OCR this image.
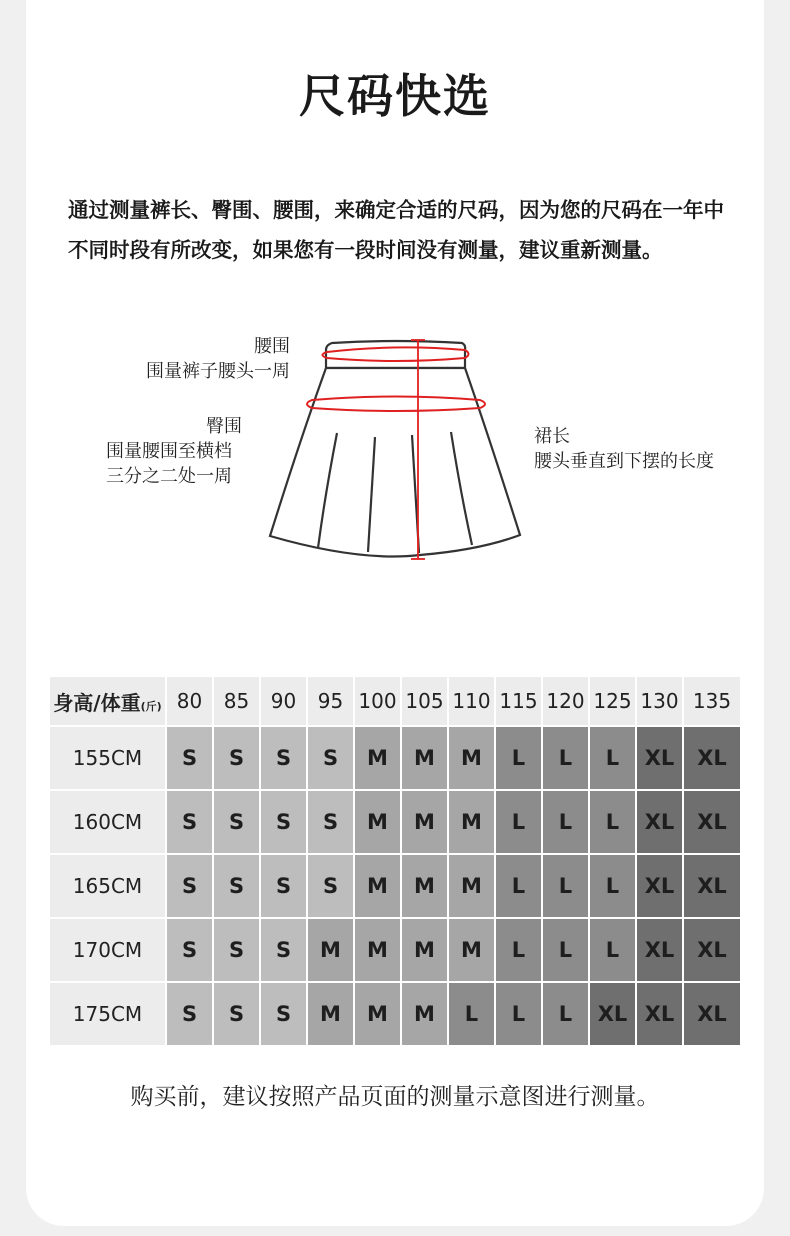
尺码快选

通过测量裤长、臀围、腰围，来确定合适的尺码，因为您的尺码在一年中不同时段有所改变，如果您有一段时间没有测量，建议重新测量。

腰围
围量裤子腰头一周
臀围
围量腰围至横档
三分之二处一周
裙长
腰头垂直到下摆的长度
身高/体重(斤)	80	85	90	95	100	105	110	115	120	125	130	135
155CM	S	S	S	S	M	M	M	L	L	L	XL	XL
160CM	S	S	S	S	M	M	M	L	L	L	XL	XL
165CM	S	S	S	S	M	M	M	L	L	L	XL	XL
170CM	S	S	S	M	M	M	M	L	L	L	XL	XL
175CM	S	S	S	M	M	M	L	L	L	XL	XL	XL
购买前，建议按照产品页面的测量示意图进行测量。
